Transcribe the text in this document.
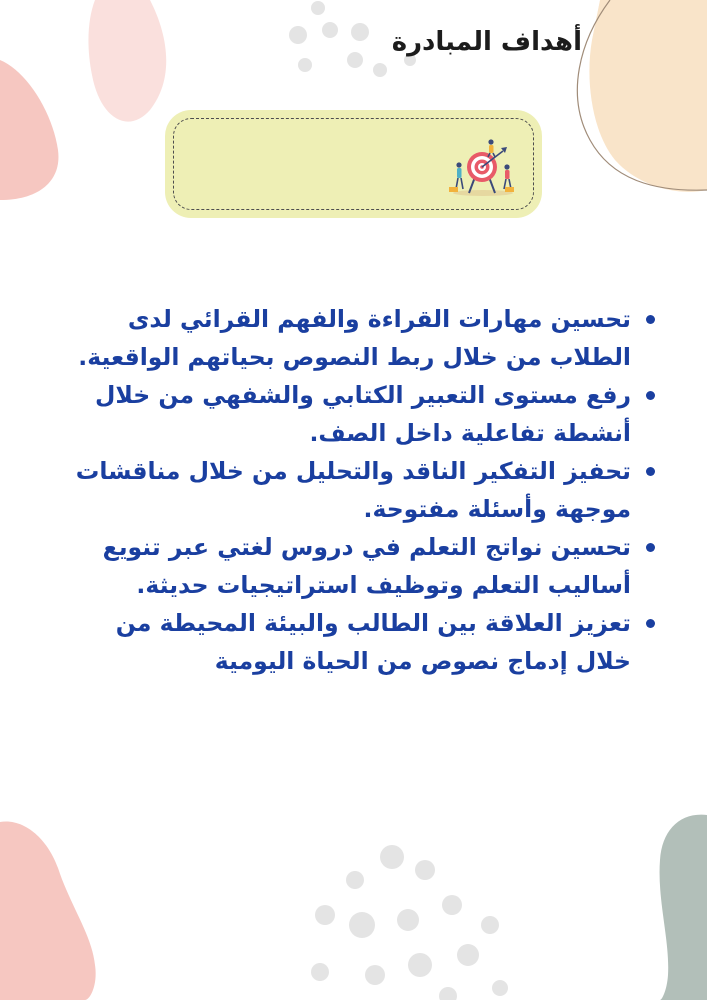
أهداف المبادرة
تحسين مهارات القراءة والفهم القرائي لدى الطلاب من خلال ربط النصوص بحياتهم الواقعية.
رفع مستوى التعبير الكتابي والشفهي من خلال أنشطة تفاعلية داخل الصف.
تحفيز التفكير الناقد والتحليل من خلال مناقشات موجهة وأسئلة مفتوحة.
تحسين نواتج التعلم في دروس لغتي عبر تنويع أساليب التعلم وتوظيف استراتيجيات حديثة.
تعزيز العلاقة بين الطالب والبيئة المحيطة من خلال إدماج نصوص من الحياة اليومية
